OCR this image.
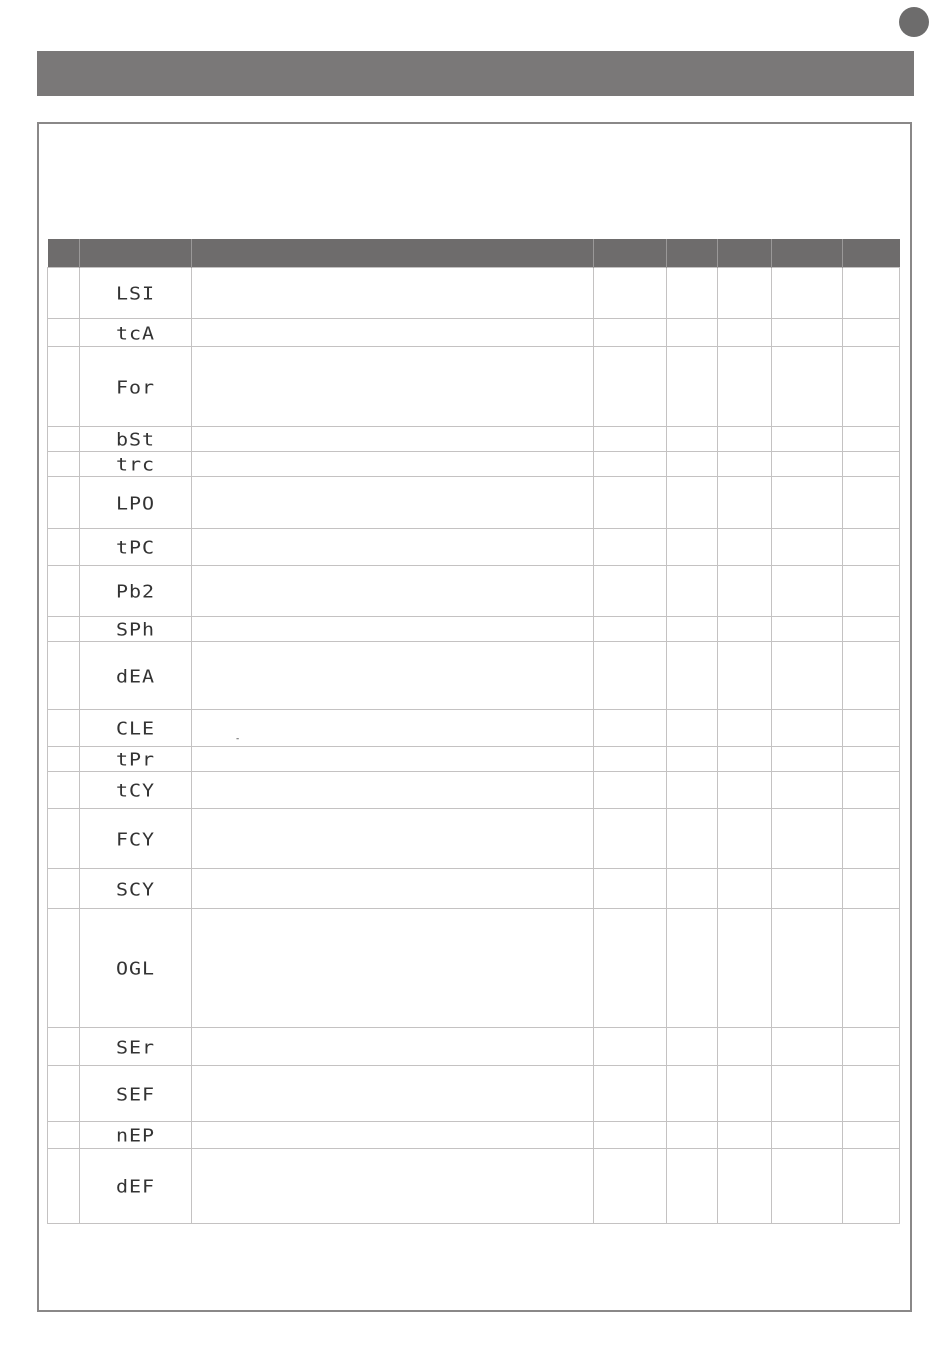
	LSI						
	tcA						
	For						
	bSt						
	trc						
	LPO						
	tPC						
	Pb2						
	SPh						
	dEA						
	CLE	$_-$					
	tPr						
	tCY						
	FCY						
	SCY						
	OGL						
	SEr						
	SEF						
	nEP						
	dEF						
